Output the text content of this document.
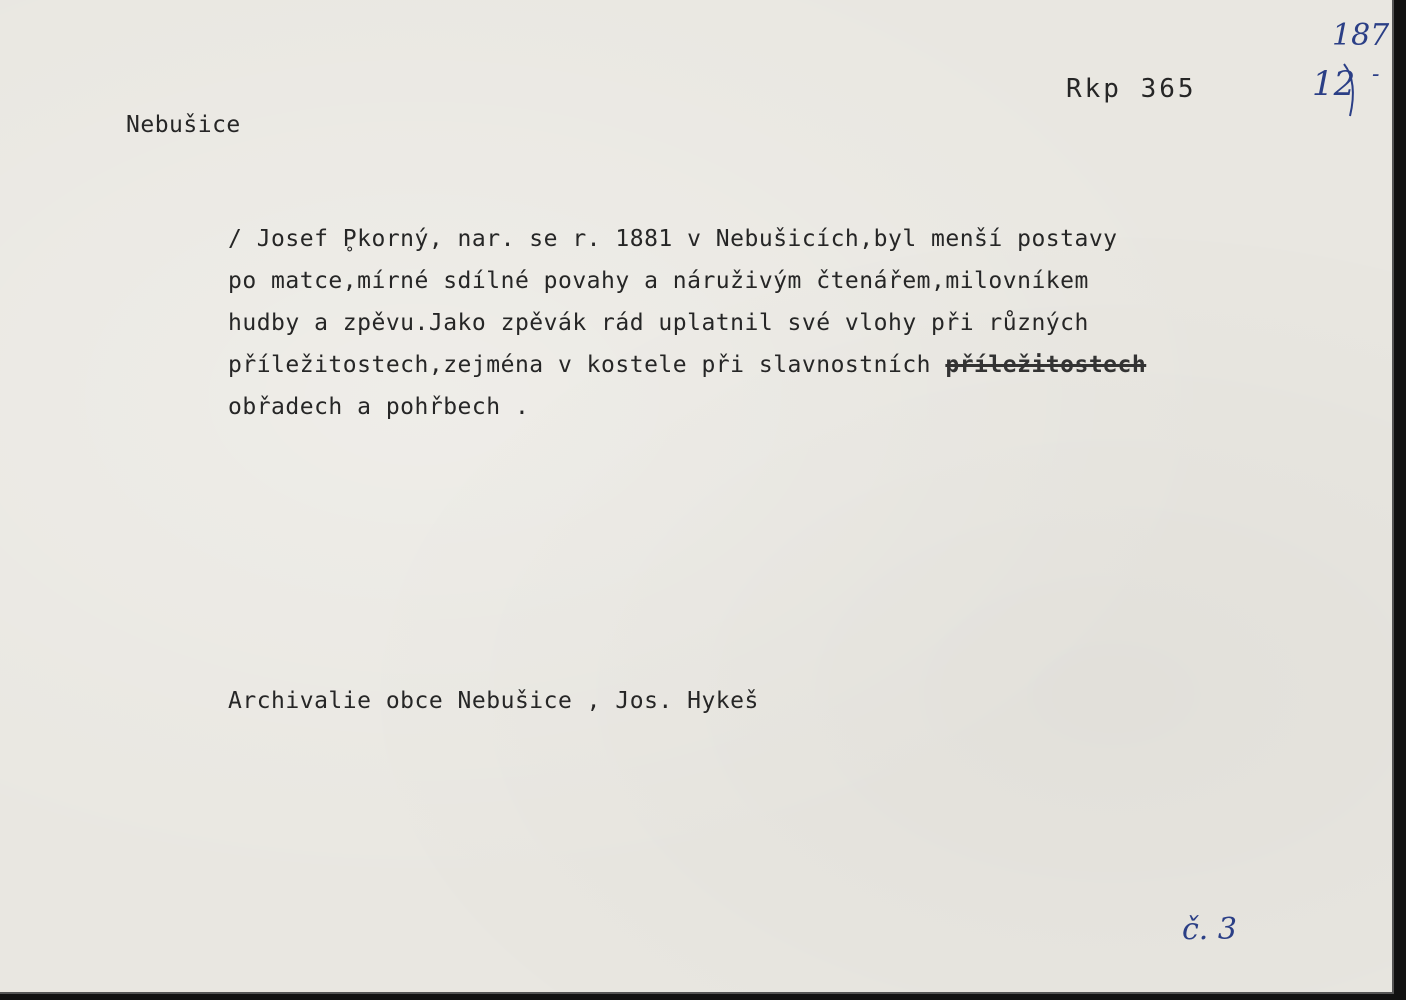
187
12 -
Rkp 365
Nebušice
/ Josef P̥korný, nar. se r. 1881 v Nebušicích,byl menší postavy
po matce,mírné sdílné povahy a náruživým čtenářem,milovníkem
hudby a zpěvu.Jako zpěvák rád uplatnil své vlohy při různých
příležitostech,zejména v kostele při slavnostních příležitostech
obřadech a pohřbech .
Archivalie obce Nebušice , Jos. Hykeš
č. 3
